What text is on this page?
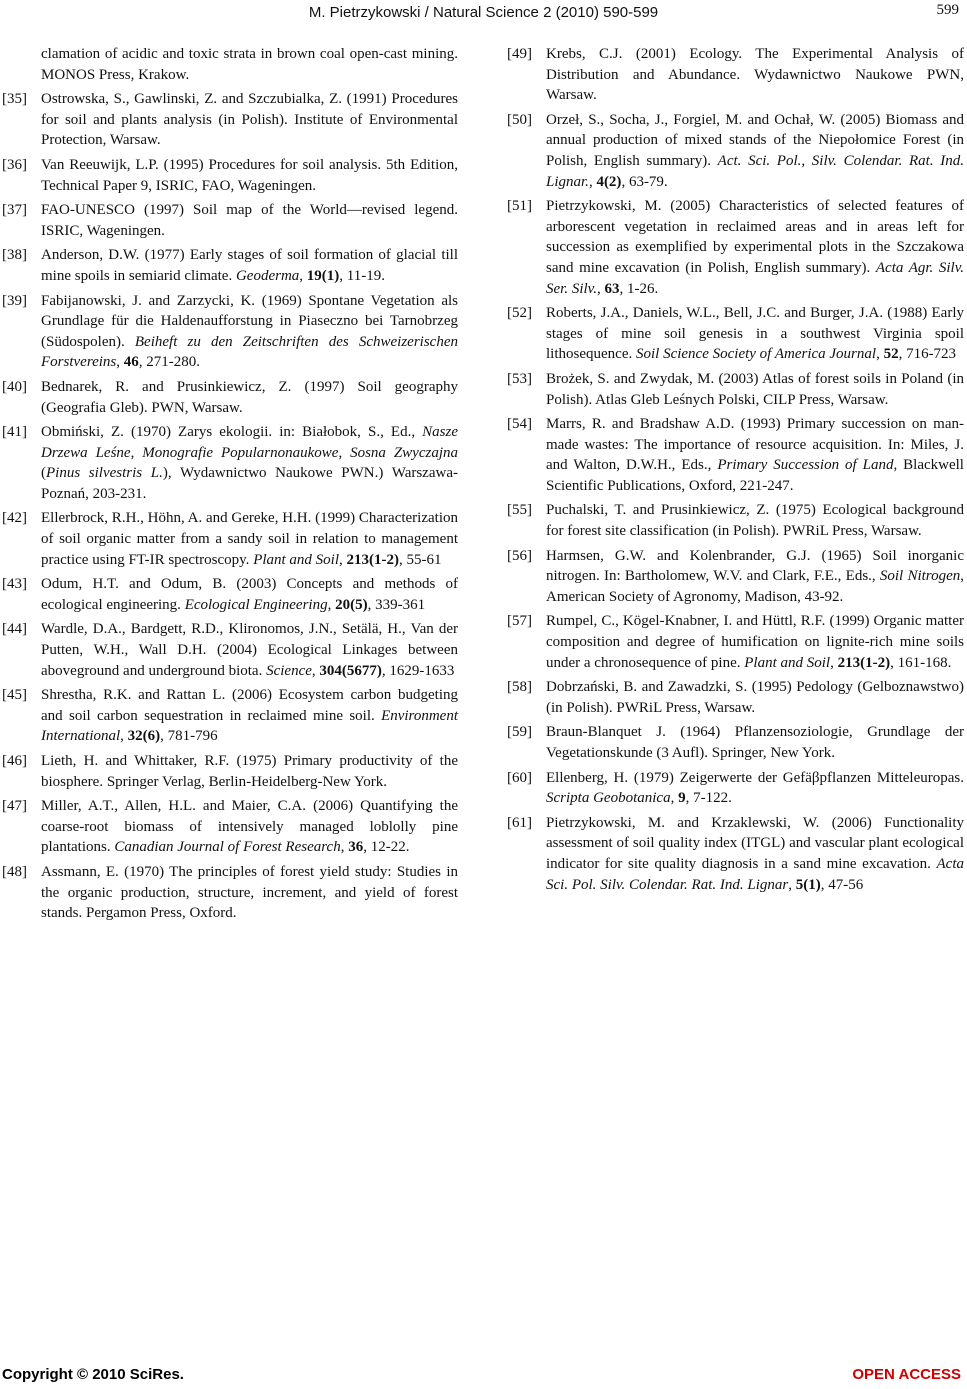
M. Pietrzykowski / Natural Science 2 (2010) 590-599	599
clamation of acidic and toxic strata in brown coal open-cast mining. MONOS Press, Krakow.
[35] Ostrowska, S., Gawlinski, Z. and Szczubialka, Z. (1991) Procedures for soil and plants analysis (in Polish). Institute of Environmental Protection, Warsaw.
[36] Van Reeuwijk, L.P. (1995) Procedures for soil analysis. 5th Edition, Technical Paper 9, ISRIC, FAO, Wageningen.
[37] FAO-UNESCO (1997) Soil map of the World—revised legend. ISRIC, Wageningen.
[38] Anderson, D.W. (1977) Early stages of soil formation of glacial till mine spoils in semiarid climate. Geoderma, 19(1), 11-19.
[39] Fabijanowski, J. and Zarzycki, K. (1969) Spontane Vegetation als Grundlage für die Haldenaufforstung in Piaseczno bei Tarnobrzeg (Südospolen). Beiheft zu den Zeitschriften des Schweizerischen Forstvereins, 46, 271-280.
[40] Bednarek, R. and Prusinkiewicz, Z. (1997) Soil geography (Geografia Gleb). PWN, Warsaw.
[41] Obmiński, Z. (1970) Zarys ekologii. in: Białobok, S., Ed., Nasze Drzewa Leśne, Monografie Popularnonaukowe, Sosna Zwyczajna (Pinus silvestris L.), Wydawnictwo Naukowe PWN.) Warszawa-Poznań, 203-231.
[42] Ellerbrock, R.H., Höhn, A. and Gereke, H.H. (1999) Characterization of soil organic matter from a sandy soil in relation to management practice using FT-IR spectroscopy. Plant and Soil, 213(1-2), 55-61
[43] Odum, H.T. and Odum, B. (2003) Concepts and methods of ecological engineering. Ecological Engineering, 20(5), 339-361
[44] Wardle, D.A., Bardgett, R.D., Klironomos, J.N., Setälä, H., Van der Putten, W.H., Wall D.H. (2004) Ecological Linkages between aboveground and underground biota. Science, 304(5677), 1629-1633
[45] Shrestha, R.K. and Rattan L. (2006) Ecosystem carbon budgeting and soil carbon sequestration in reclaimed mine soil. Environment International, 32(6), 781-796
[46] Lieth, H. and Whittaker, R.F. (1975) Primary productivity of the biosphere. Springer Verlag, Berlin-Heidelberg-New York.
[47] Miller, A.T., Allen, H.L. and Maier, C.A. (2006) Quantifying the coarse-root biomass of intensively managed loblolly pine plantations. Canadian Journal of Forest Research, 36, 12-22.
[48] Assmann, E. (1970) The principles of forest yield study: Studies in the organic production, structure, increment, and yield of forest stands. Pergamon Press, Oxford.
[49] Krebs, C.J. (2001) Ecology. The Experimental Analysis of Distribution and Abundance. Wydawnictwo Naukowe PWN, Warsaw.
[50] Orzeł, S., Socha, J., Forgiel, M. and Ochał, W. (2005) Biomass and annual production of mixed stands of the Niepołomice Forest (in Polish, English summary). Act. Sci. Pol., Silv. Colendar. Rat. Ind. Lignar., 4(2), 63-79.
[51] Pietrzykowski, M. (2005) Characteristics of selected features of arborescent vegetation in reclaimed areas and in areas left for succession as exemplified by experimental plots in the Szczakowa sand mine excavation (in Polish, English summary). Acta Agr. Silv. Ser. Silv., 63, 1-26.
[52] Roberts, J.A., Daniels, W.L., Bell, J.C. and Burger, J.A. (1988) Early stages of mine soil genesis in a southwest Virginia spoil lithosequence. Soil Science Society of America Journal, 52, 716-723
[53] Brożek, S. and Zwydak, M. (2003) Atlas of forest soils in Poland (in Polish). Atlas Gleb Leśnych Polski, CILP Press, Warsaw.
[54] Marrs, R. and Bradshaw A.D. (1993) Primary succession on man-made wastes: The importance of resource acquisition. In: Miles, J. and Walton, D.W.H., Eds., Primary Succession of Land, Blackwell Scientific Publications, Oxford, 221-247.
[55] Puchalski, T. and Prusinkiewicz, Z. (1975) Ecological background for forest site classification (in Polish). PWRiL Press, Warsaw.
[56] Harmsen, G.W. and Kolenbrander, G.J. (1965) Soil inorganic nitrogen. In: Bartholomew, W.V. and Clark, F.E., Eds., Soil Nitrogen, American Society of Agronomy, Madison, 43-92.
[57] Rumpel, C., Kögel-Knabner, I. and Hüttl, R.F. (1999) Organic matter composition and degree of humification on lignite-rich mine soils under a chronosequence of pine. Plant and Soil, 213(1-2), 161-168.
[58] Dobrzański, B. and Zawadzki, S. (1995) Pedology (Gelboznawstwo) (in Polish). PWRiL Press, Warsaw.
[59] Braun-Blanquet J. (1964) Pflanzensoziologie, Grundlage der Vegetationskunde (3 Aufl). Springer, New York.
[60] Ellenberg, H. (1979) Zeigerwerte der Gefäβpflanzen Mitteleuropas. Scripta Geobotanica, 9, 7-122.
[61] Pietrzykowski, M. and Krzaklewski, W. (2006) Functionality assessment of soil quality index (ITGL) and vascular plant ecological indicator for site quality diagnosis in a sand mine excavation. Acta Sci. Pol. Silv. Colendar. Rat. Ind. Lignar, 5(1), 47-56
Copyright © 2010 SciRes.	OPEN ACCESS
